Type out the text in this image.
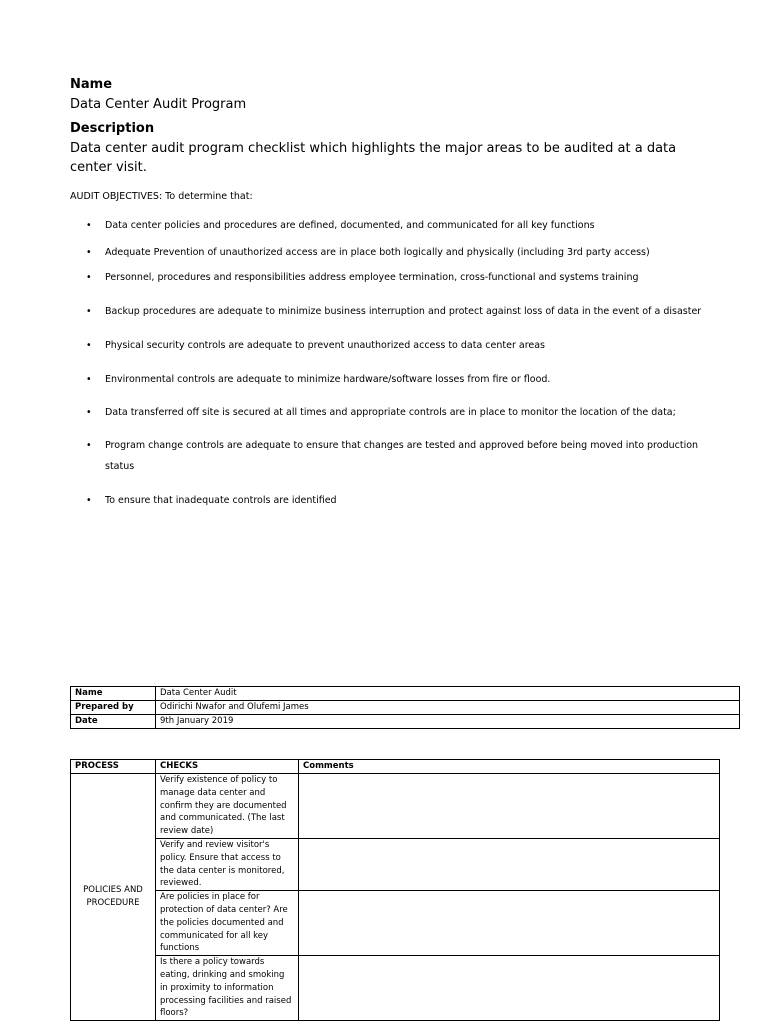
Name
Data Center Audit Program
Description
Data center audit program checklist which highlights the major areas to be audited at a data center visit.
AUDIT OBJECTIVES: To determine that:
• Data center policies and procedures are defined, documented, and communicated for all key functions
• Adequate Prevention of unauthorized access are in place both logically and physically (including 3rd party access)
• Personnel, procedures and responsibilities address employee termination, cross-functional and systems training
• Backup procedures are adequate to minimize business interruption and protect against loss of data in the event of a disaster
• Physical security controls are adequate to prevent unauthorized access to data center areas
• Environmental controls are adequate to minimize hardware/software losses from fire or flood.
• Data transferred off site is secured at all times and appropriate controls are in place to monitor the location of the data;
• Program change controls are adequate to ensure that changes are tested and approved before being moved into production status
• To ensure that inadequate controls are identified
Name	Data Center Audit
Prepared by	Odirichi Nwafor and Olufemi James
Date	9th January 2019
PROCESS	CHECKS	Comments
POLICIES AND PROCEDURE	Verify existence of policy to manage data center and confirm they are documented and communicated. (The last review date)	
	Verify and review visitor's policy. Ensure that access to the data center is monitored, reviewed.	
	Are policies in place for protection of data center? Are the policies documented and communicated for all key functions	
	Is there a policy towards eating, drinking and smoking in proximity to information processing facilities and raised floors?	
